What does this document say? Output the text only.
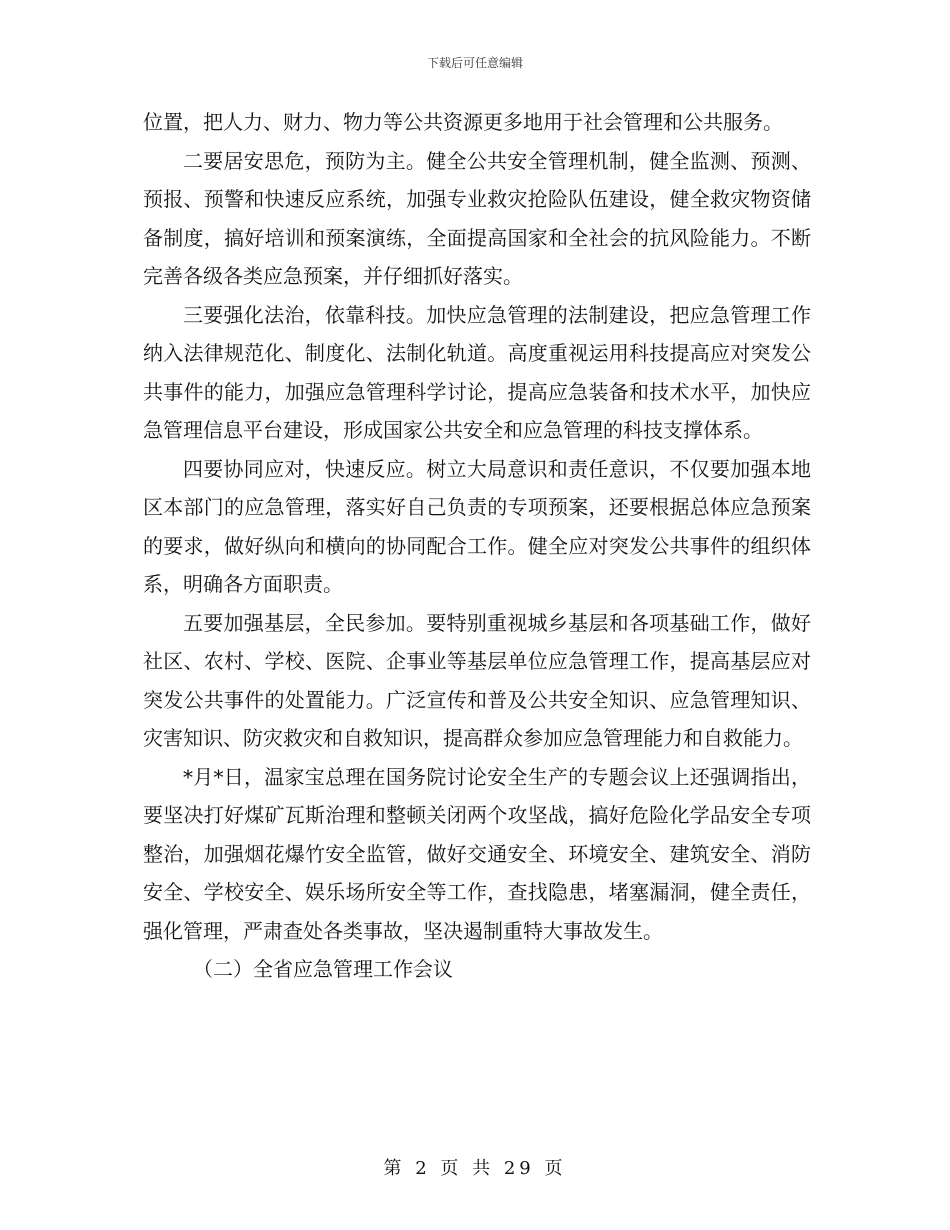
下载后可任意编辑

位置，把人力、财力、物力等公共资源更多地用于社会管理和公共服务。

二要居安思危，预防为主。健全公共安全管理机制，健全监测、预测、预报、预警和快速反应系统，加强专业救灾抢险队伍建设，健全救灾物资储备制度，搞好培训和预案演练，全面提高国家和全社会的抗风险能力。不断完善各级各类应急预案，并仔细抓好落实。

三要强化法治，依靠科技。加快应急管理的法制建设，把应急管理工作纳入法律规范化、制度化、法制化轨道。高度重视运用科技提高应对突发公共事件的能力，加强应急管理科学讨论，提高应急装备和技术水平，加快应急管理信息平台建设，形成国家公共安全和应急管理的科技支撑体系。

四要协同应对，快速反应。树立大局意识和责任意识，不仅要加强本地区本部门的应急管理，落实好自己负责的专项预案，还要根据总体应急预案的要求，做好纵向和横向的协同配合工作。健全应对突发公共事件的组织体系，明确各方面职责。

五要加强基层，全民参加。要特别重视城乡基层和各项基础工作，做好社区、农村、学校、医院、企事业等基层单位应急管理工作，提高基层应对突发公共事件的处置能力。广泛宣传和普及公共安全知识、应急管理知识、灾害知识、防灾救灾和自救知识，提高群众参加应急管理能力和自救能力。

*月*日，温家宝总理在国务院讨论安全生产的专题会议上还强调指出，要坚决打好煤矿瓦斯治理和整顿关闭两个攻坚战，搞好危险化学品安全专项整治，加强烟花爆竹安全监管，做好交通安全、环境安全、建筑安全、消防安全、学校安全、娱乐场所安全等工作，查找隐患，堵塞漏洞，健全责任，强化管理，严肃查处各类事故，坚决遏制重特大事故发生。

（二）全省应急管理工作会议

第 2 页 共 29 页
